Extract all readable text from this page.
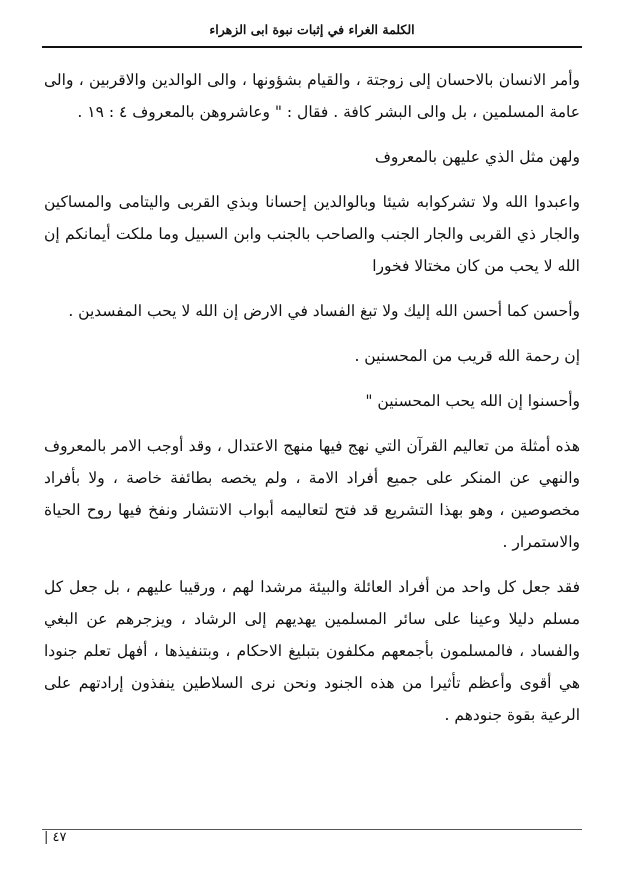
الكلمة الغراء في إثبات نبوة ابى الزهراء

وأمر الانسان بالاحسان إلى زوجتة ، والقيام بشؤونها ، والى الوالدين والاقربين ، والى عامة المسلمين ، بل والى البشر كافة . فقال : " وعاشروهن بالمعروف ٤ : ١٩ .

ولهن مثل الذي عليهن بالمعروف

واعبدوا الله ولا تشركوابه شيئا وبالوالدين إحسانا وبذي القربى واليتامى والمساكين والجار ذي القربى والجار الجنب والصاحب بالجنب وابن السبيل وما ملكت أيمانكم إن الله لا يحب من كان مختالا فخورا

وأحسن كما أحسن الله إليك ولا تبغ الفساد في الارض إن الله لا يحب المفسدين .

إن رحمة الله قريب من المحسنين .

وأحسنوا إن الله يحب المحسنين "

هذه أمثلة من تعاليم القرآن التي نهج فيها منهج الاعتدال ، وقد أوجب الامر بالمعروف والنهي عن المنكر على جميع أفراد الامة ، ولم يخصه بطائفة خاصة ، ولا بأفراد مخصوصين ، وهو بهذا التشريع قد فتح لتعاليمه أبواب الانتشار ونفخ فيها روح الحياة والاستمرار .

فقد جعل كل واحد من أفراد العائلة والبيئة مرشدا لهم ، ورقيبا عليهم ، بل جعل كل مسلم دليلا وعينا على سائر المسلمين يهديهم إلى الرشاد ، ويزجرهم عن البغي والفساد ، فالمسلمون بأجمعهم مكلفون بتبليغ الاحكام ، وبتنفيذها ، أفهل تعلم جنودا هي أقوى وأعظم تأثيرا من هذه الجنود ونحن نرى السلاطين ينفذون إرادتهم على الرعية بقوة جنودهم .

٤٧ |
